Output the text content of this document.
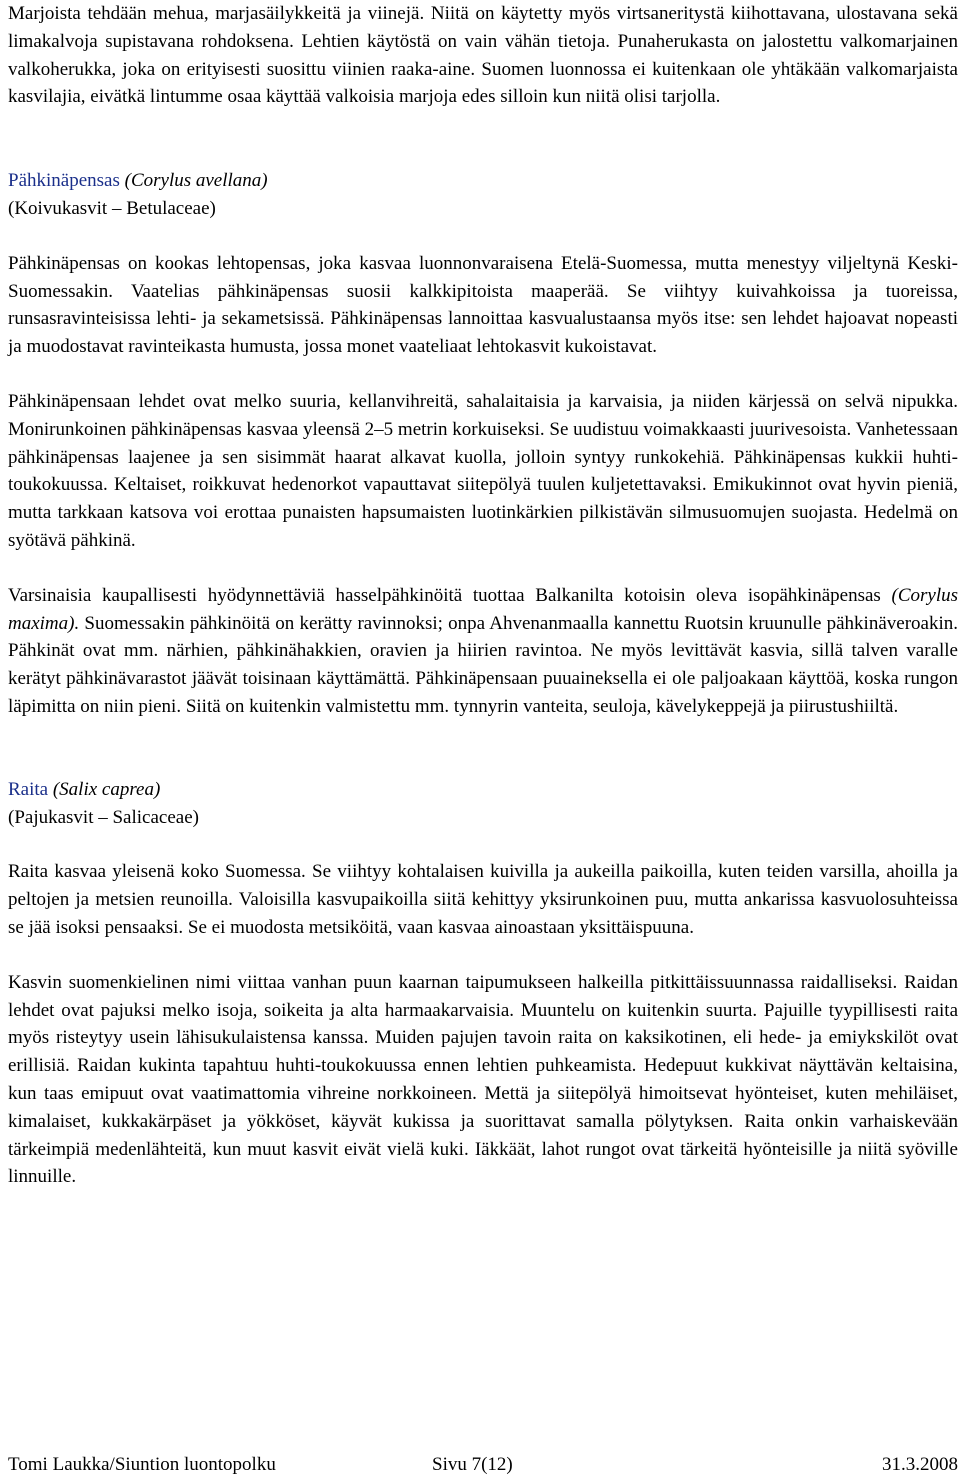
Marjoista tehdään mehua, marjasäilykkeitä ja viinejä. Niitä on käytetty myös virtsaneritystä kiihottavana, ulostavana sekä limakalvoja supistavana rohdoksena. Lehtien käytöstä on vain vähän tietoja. Punaherukasta on jalostettu valkomarjainen valkoherukka, joka on erityisesti suosittu viinien raaka-aine. Suomen luonnossa ei kuitenkaan ole yhtäkään valkomarjaista kasvilajia, eivätkä lintumme osaa käyttää valkoisia marjoja edes silloin kun niitä olisi tarjolla.

Pähkinäpensas (Corylus avellana)

(Koivukasvit – Betulaceae)

Pähkinäpensas on kookas lehtopensas, joka kasvaa luonnonvaraisena Etelä-Suomessa, mutta menestyy viljeltynä Keski-Suomessakin. Vaatelias pähkinäpensas suosii kalkkipitoista maaperää. Se viihtyy kuivahkoissa ja tuoreissa, runsasravinteisissa lehti- ja sekametsissä. Pähkinäpensas lannoittaa kasvualustaansa myös itse: sen lehdet hajoavat nopeasti ja muodostavat ravinteikasta humusta, jossa monet vaateliaat lehtokasvit kukoistavat.

Pähkinäpensaan lehdet ovat melko suuria, kellanvihreitä, sahalaitaisia ja karvaisia, ja niiden kärjessä on selvä nipukka. Monirunkoinen pähkinäpensas kasvaa yleensä 2–5 metrin korkuiseksi. Se uudistuu voimakkaasti juurivesoista. Vanhetessaan pähkinäpensas laajenee ja sen sisimmät haarat alkavat kuolla, jolloin syntyy runkokehiä. Pähkinäpensas kukkii huhti-toukokuussa. Keltaiset, roikkuvat hedenorkot vapauttavat siitepölyä tuulen kuljetettavaksi. Emikukinnot ovat hyvin pieniä, mutta tarkkaan katsova voi erottaa punaisten hapsumaisten luotinkärkien pilkistävän silmusuomujen suojasta. Hedelmä on syötävä pähkinä.

Varsinaisia kaupallisesti hyödynnettäviä hasselpähkinöitä tuottaa Balkanilta kotoisin oleva isopähkinäpensas (Corylus maxima). Suomessakin pähkinöitä on kerätty ravinnoksi; onpa Ahvenanmaalla kannettu Ruotsin kruunulle pähkinäveroakin. Pähkinät ovat mm. närhien, pähkinähakkien, oravien ja hiirien ravintoa. Ne myös levittävät kasvia, sillä talven varalle kerätyt pähkinävarastot jäävät toisinaan käyttämättä. Pähkinäpensaan puuaineksella ei ole paljoakaan käyttöä, koska rungon läpimitta on niin pieni. Siitä on kuitenkin valmistettu mm. tynnyrin vanteita, seuloja, kävelykeppejä ja piirustushiiltä.

Raita (Salix caprea)

(Pajukasvit – Salicaceae)

Raita kasvaa yleisenä koko Suomessa. Se viihtyy kohtalaisen kuivilla ja aukeilla paikoilla, kuten teiden varsilla, ahoilla ja peltojen ja metsien reunoilla. Valoisilla kasvupaikoilla siitä kehittyy yksirunkoinen puu, mutta ankarissa kasvuolosuhteissa se jää isoksi pensaaksi. Se ei muodosta metsiköitä, vaan kasvaa ainoastaan yksittäispuuna.

Kasvin suomenkielinen nimi viittaa vanhan puun kaarnan taipumukseen halkeilla pitkittäissuunnassa raidalliseksi. Raidan lehdet ovat pajuksi melko isoja, soikeita ja alta harmaakarvaisia. Muuntelu on kuitenkin suurta. Pajuille tyypillisesti raita myös risteytyy usein lähisukulaistensa kanssa. Muiden pajujen tavoin raita on kaksikotinen, eli hede- ja emiykskilöt ovat erillisiä. Raidan kukinta tapahtuu huhti-toukokuussa ennen lehtien puhkeamista. Hedepuut kukkivat näyttävän keltaisina, kun taas emipuut ovat vaatimattomia vihreine norkkoineen. Mettä ja siitepölyä himoitsevat hyönteiset, kuten mehiläiset, kimalaiset, kukkakärpäset ja yökköset, käyvät kukissa ja suorittavat samalla pölytyksen. Raita onkin varhaiskevään tärkeimpiä medenlähteitä, kun muut kasvit eivät vielä kuki. Iäkkäät, lahot rungot ovat tärkeitä hyönteisille ja niitä syöville linnuille.

Tomi Laukka/Siuntion luontopolku	Sivu 7(12)	31.3.2008
